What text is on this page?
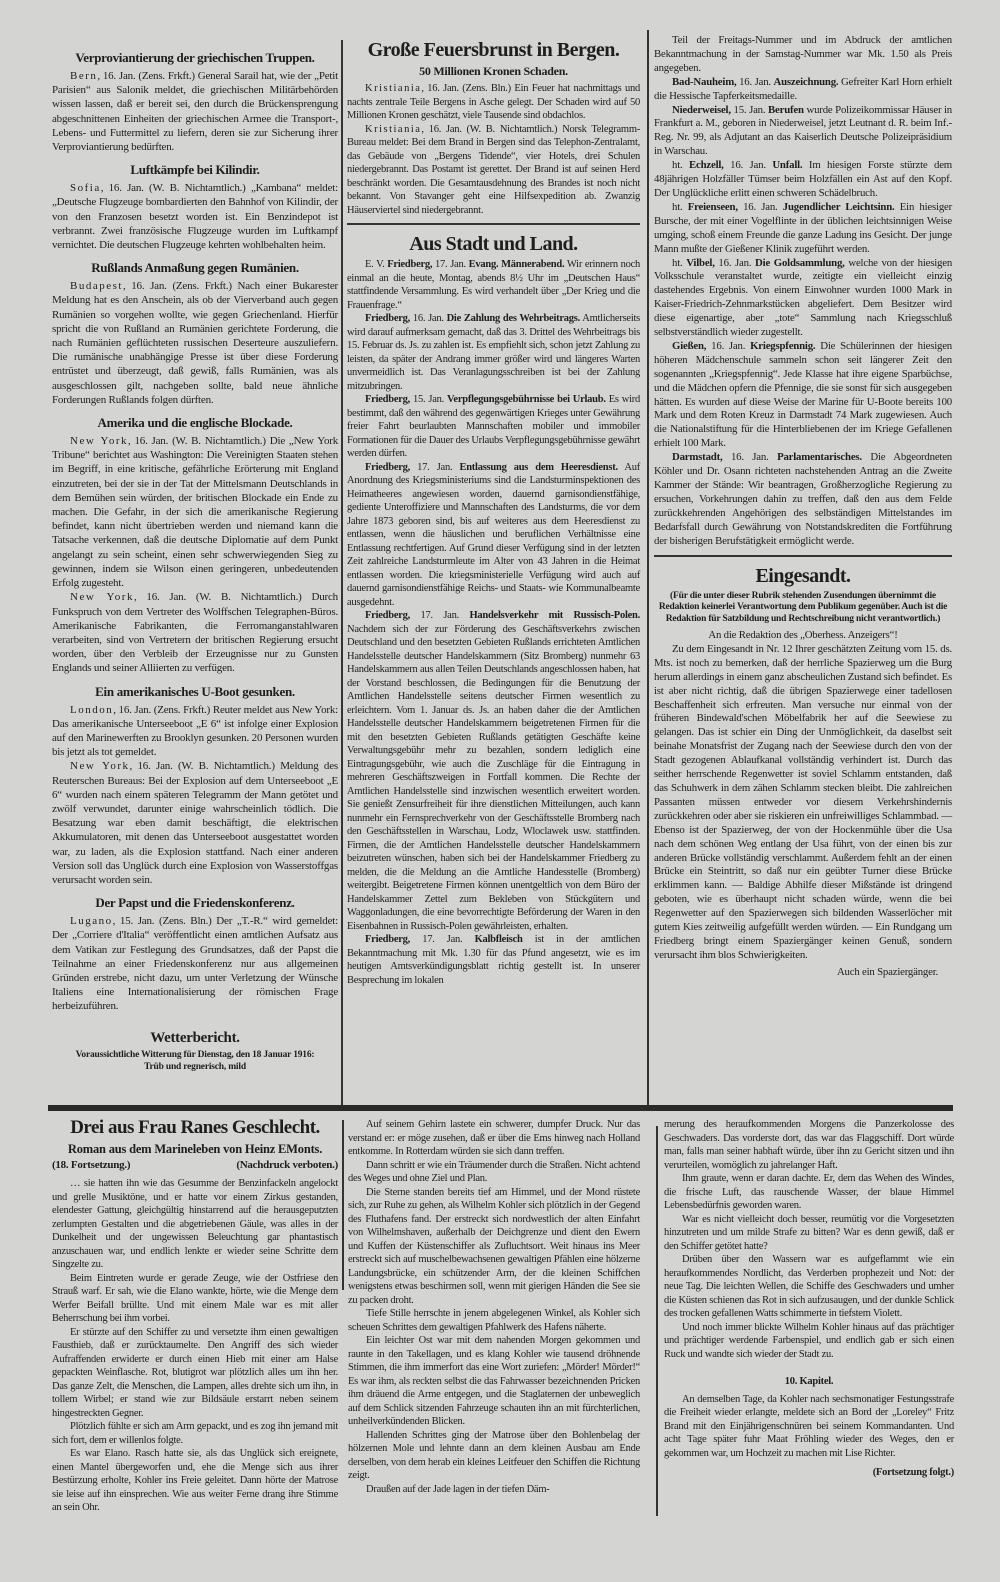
Verproviantierung der griechischen Truppen.

Bern, 16. Jan. (Zens. Frkft.) General Sarail hat, wie der „Petit Parisien“ aus Salonik meldet, die griechischen Militärbehörden wissen lassen, daß er bereit sei, den durch die Brückensprengung abgeschnittenen Einheiten der griechischen Armee die Transport-, Lebens- und Futtermittel zu liefern, deren sie zur Sicherung ihrer Verproviantierung bedürften.

Luftkämpfe bei Kilindir.

Sofia, 16. Jan. (W. B. Nichtamtlich.) „Kambana“ meldet: „Deutsche Flugzeuge bombardierten den Bahnhof von Kilindir, der von den Franzosen besetzt worden ist. Ein Benzindepot ist verbrannt. Zwei französische Flugzeuge wurden im Luftkampf vernichtet. Die deutschen Flugzeuge kehrten wohlbehalten heim.

Rußlands Anmaßung gegen Rumänien.

Budapest, 16. Jan. (Zens. Frkft.) Nach einer Bukarester Meldung hat es den Anschein, als ob der Vierverband auch gegen Rumänien so vorgehen wollte, wie gegen Griechenland. Hierfür spricht die von Rußland an Rumänien gerichtete Forderung, die nach Rumänien geflüchteten russischen Deserteure auszuliefern. Die rumänische unabhängige Presse ist über diese Forderung entrüstet und überzeugt, daß gewiß, falls Rumänien, was als ausgeschlossen gilt, nachgeben sollte, bald neue ähnliche Forderungen Rußlands folgen dürften.

Amerika und die englische Blockade.

New York, 16. Jan. (W. B. Nichtamtlich.) Die „New York Tribune“ berichtet aus Washington: Die Vereinigten Staaten stehen im Begriff, in eine kritische, gefährliche Erörterung mit England einzutreten, bei der sie in der Tat der Mittelsmann Deutschlands in dem Bemühen sein würden, der britischen Blockade ein Ende zu machen. Die Gefahr, in der sich die amerikanische Regierung befindet, kann nicht übertrieben werden und niemand kann die Tatsache verkennen, daß die deutsche Diplomatie auf dem Punkt angelangt zu sein scheint, einen sehr schwerwiegenden Sieg zu gewinnen, indem sie Wilson einen geringeren, unbedeutenden Erfolg zugesteht.

New York, 16. Jan. (W. B. Nichtamtlich.) Durch Funkspruch von dem Vertreter des Wolffschen Telegraphen-Büros. Amerikanische Fabrikanten, die Ferromanganstahlwaren verarbeiten, sind von Vertretern der britischen Regierung ersucht worden, über den Verbleib der Erzeugnisse nur zu Gunsten Englands und seiner Alliierten zu verfügen.

Ein amerikanisches U-Boot gesunken.

London, 16. Jan. (Zens. Frkft.) Reuter meldet aus New York: Das amerikanische Unterseeboot „E 6“ ist infolge einer Explosion auf den Marinewerften zu Brooklyn gesunken. 20 Personen wurden bis jetzt als tot gemeldet.

New York, 16. Jan. (W. B. Nichtamtlich.) Meldung des Reuterschen Bureaus: Bei der Explosion auf dem Unterseeboot „E 6“ wurden nach einem späteren Telegramm der Mann getötet und zwölf verwundet, darunter einige wahrscheinlich tödlich. Die Besatzung war eben damit beschäftigt, die elektrischen Akkumulatoren, mit denen das Unterseeboot ausgestattet worden war, zu laden, als die Explosion stattfand. Nach einer anderen Version soll das Unglück durch eine Explosion von Wasserstoffgas verursacht worden sein.

Der Papst und die Friedenskonferenz.

Lugano, 15. Jan. (Zens. Bln.) Der „T.-R.“ wird gemeldet: Der „Corriere d'Italia“ veröffentlicht einen amtlichen Aufsatz aus dem Vatikan zur Festlegung des Grundsatzes, daß der Papst die Teilnahme an einer Friedenskonferenz nur aus allgemeinen Gründen erstrebe, nicht dazu, um unter Verletzung der Wünsche Italiens eine Internationalisierung der römischen Frage herbeizuführen.

Wetterbericht.
Voraussichtliche Witterung für Dienstag, den 18 Januar 1916:
Trüb und regnerisch, mild
Große Feuersbrunst in Bergen.
50 Millionen Kronen Schaden.

Kristiania, 16. Jan. (Zens. Bln.) Ein Feuer hat nachmittags und nachts zentrale Teile Bergens in Asche gelegt. Der Schaden wird auf 50 Millionen Kronen geschätzt, viele Tausende sind obdachlos.

Kristiania, 16. Jan. (W. B. Nichtamtlich.) Norsk Telegramm-Bureau meldet: Bei dem Brand in Bergen sind das Telephon-Zentralamt, das Gebäude von „Bergens Tidende“, vier Hotels, drei Schulen niedergebrannt. Das Postamt ist gerettet. Der Brand ist auf seinen Herd beschränkt worden. Die Gesamtausdehnung des Brandes ist noch nicht bekannt. Von Stavanger geht eine Hilfsexpedition ab. Zwanzig Häuserviertel sind niedergebrannt.

Aus Stadt und Land.

E. V. Friedberg, 17. Jan. Evang. Männerabend. Wir erinnern noch einmal an die heute, Montag, abends 8½ Uhr im „Deutschen Haus“ stattfindende Versammlung. Es wird verhandelt über „Der Krieg und die Frauenfrage.“

Friedberg, 16. Jan. Die Zahlung des Wehrbeitrags. Amtlicherseits wird darauf aufmerksam gemacht, daß das 3. Drittel des Wehrbeitrags bis 15. Februar ds. Js. zu zahlen ist. Es empfiehlt sich, schon jetzt Zahlung zu leisten, da später der Andrang immer größer wird und längeres Warten unvermeidlich ist. Das Veranlagungsschreiben ist bei der Zahlung mitzubringen.

Friedberg, 15. Jan. Verpflegungsgebührnisse bei Urlaub. Es wird bestimmt, daß den während des gegenwärtigen Krieges unter Gewährung freier Fahrt beurlaubten Mannschaften mobiler und immobiler Formationen für die Dauer des Urlaubs Verpflegungsgebührnisse gewährt werden dürfen.

Friedberg, 17. Jan. Entlassung aus dem Heeresdienst. Auf Anordnung des Kriegsministeriums sind die Landsturminspektionen des Heimatheeres angewiesen worden, dauernd garnisondienstfähige, gediente Unteroffiziere und Mannschaften des Landsturms, die vor dem Jahre 1873 geboren sind, bis auf weiteres aus dem Heeresdienst zu entlassen, wenn die häuslichen und beruflichen Verhältnisse eine Entlassung rechtfertigen. Auf Grund dieser Verfügung sind in der letzten Zeit zahlreiche Landsturmleute im Alter von 43 Jahren in die Heimat entlassen worden. Die kriegsministerielle Verfügung wird auch auf dauernd garnisondienstfähige Reichs- und Staats- wie Kommunalbeamte ausgedehnt.

Friedberg, 17. Jan. Handelsverkehr mit Russisch-Polen. Nachdem sich der zur Förderung des Geschäftsverkehrs zwischen Deutschland und den besetzten Gebieten Rußlands errichteten Amtlichen Handelsstelle deutscher Handelskammern (Sitz Bromberg) nunmehr 63 Handelskammern aus allen Teilen Deutschlands angeschlossen haben, hat der Vorstand beschlossen, die Bedingungen für die Benutzung der Amtlichen Handelsstelle seitens deutscher Firmen wesentlich zu erleichtern. Vom 1. Januar ds. Js. an haben daher die der Amtlichen Handelsstelle deutscher Handelskammern beigetretenen Firmen für die mit den besetzten Gebieten Rußlands getätigten Geschäfte keine Verwaltungsgebühr mehr zu bezahlen, sondern lediglich eine Eintragungsgebühr, wie auch die Zuschläge für die Eintragung in mehreren Geschäftszweigen in Fortfall kommen. Die Rechte der Amtlichen Handelsstelle sind inzwischen wesentlich erweitert worden. Sie genießt Zensurfreiheit für ihre dienstlichen Mitteilungen, auch kann nunmehr ein Fernsprechverkehr von der Geschäftsstelle Bromberg nach den Geschäftsstellen in Warschau, Lodz, Wloclawek usw. stattfinden. Firmen, die der Amtlichen Handelsstelle deutscher Handelskammern beizutreten wünschen, haben sich bei der Handelskammer Friedberg zu melden, die die Meldung an die Amtliche Handesstelle (Bromberg) weitergibt. Beigetretene Firmen können unentgeltlich von dem Büro der Handelskammer Zettel zum Bekleben von Stückgütern und Waggonladungen, die eine bevorrechtigte Beförderung der Waren in den Eisenbahnen in Russisch-Polen gewährleisten, erhalten.

Friedberg, 17. Jan. Kalbfleisch ist in der amtlichen Bekanntmachung mit Mk. 1.30 für das Pfund angesetzt, wie es im heutigen Amtsverkündigungsblatt richtig gestellt ist. In unserer Besprechung im lokalen

Teil der Freitags-Nummer und im Abdruck der amtlichen Bekanntmachung in der Samstag-Nummer war Mk. 1.50 als Preis angegeben.

Bad-Nauheim, 16. Jan. Auszeichnung. Gefreiter Karl Horn erhielt die Hessische Tapferkeitsmedaille.

Niederweisel, 15. Jan. Berufen wurde Polizeikommissar Häuser in Frankfurt a. M., geboren in Niederweisel, jetzt Leutnant d. R. beim Inf.-Reg. Nr. 99, als Adjutant an das Kaiserlich Deutsche Polizeipräsidium in Warschau.

ht. Echzell, 16. Jan. Unfall. Im hiesigen Forste stürzte dem 48jährigen Holzfäller Tümser beim Holzfällen ein Ast auf den Kopf. Der Unglückliche erlitt einen schweren Schädelbruch.

ht. Freienseen, 16. Jan. Jugendlicher Leichtsinn. Ein hiesiger Bursche, der mit einer Vogelflinte in der üblichen leichtsinnigen Weise umging, schoß einem Freunde die ganze Ladung ins Gesicht. Der junge Mann mußte der Gießener Klinik zugeführt werden.

ht. Vilbel, 16. Jan. Die Goldsammlung, welche von der hiesigen Volksschule veranstaltet wurde, zeitigte ein vielleicht einzig dastehendes Ergebnis. Von einem Einwohner wurden 1000 Mark in Kaiser-Friedrich-Zehnmarkstücken abgeliefert. Dem Besitzer wird diese eigenartige, aber „tote“ Sammlung nach Kriegsschluß selbstverständlich wieder zugestellt.

Gießen, 16. Jan. Kriegspfennig. Die Schülerinnen der hiesigen höheren Mädchenschule sammeln schon seit längerer Zeit den sogenannten „Kriegspfennig“. Jede Klasse hat ihre eigene Sparbüchse, und die Mädchen opfern die Pfennige, die sie sonst für sich ausgegeben hätten. Es wurden auf diese Weise der Marine für U-Boote bereits 100 Mark und dem Roten Kreuz in Darmstadt 74 Mark zugewiesen. Auch die Nationalstiftung für die Hinterbliebenen der im Kriege Gefallenen erhielt 100 Mark.

Darmstadt, 16. Jan. Parlamentarisches. Die Abgeordneten Köhler und Dr. Osann richteten nachstehenden Antrag an die Zweite Kammer der Stände: Wir beantragen, Großherzogliche Regierung zu ersuchen, Vorkehrungen dahin zu treffen, daß den aus dem Felde zurückkehrenden Angehörigen des selbständigen Mittelstandes im Bedarfsfall durch Gewährung von Notstandskrediten die Fortführung der bisherigen Berufstätigkeit ermöglicht werde.

Eingesandt.
(Für die unter dieser Rubrik stehenden Zusendungen übernimmt die Redaktion keinerlei Verantwortung dem Publikum gegenüber. Auch ist die Redaktion für Satzbildung und Rechtschreibung nicht verantwortlich.)

An die Redaktion des „Oberhess. Anzeigers“!

Zu dem Eingesandt in Nr. 12 Ihrer geschätzten Zeitung vom 15. ds. Mts. ist noch zu bemerken, daß der herrliche Spazierweg um die Burg herum allerdings in einem ganz abscheulichen Zustand sich befindet. Es ist aber nicht richtig, daß die übrigen Spazierwege einer tadellosen Beschaffenheit sich erfreuten. Man versuche nur einmal von der früheren Bindewald'schen Möbelfabrik her auf die Seewiese zu gelangen. Das ist schier ein Ding der Unmöglichkeit, da daselbst seit beinahe Monatsfrist der Zugang nach der Seewiese durch den von der Stadt gezogenen Ablaufkanal vollständig verhindert ist. Durch das seither herrschende Regenwetter ist soviel Schlamm entstanden, daß das Schuhwerk in dem zähen Schlamm stecken bleibt. Die zahlreichen Passanten müssen entweder vor diesem Verkehrshindernis zurückkehren oder aber sie riskieren ein unfreiwilliges Schlammbad. — Ebenso ist der Spazierweg, der von der Hockenmühle über die Usa nach dem schönen Weg entlang der Usa führt, von der einen bis zur anderen Brücke vollständig verschlammt. Außerdem fehlt an der einen Brücke ein Steintritt, so daß nur ein geübter Turner diese Brücke erklimmen kann. — Baldige Abhilfe dieser Mißstände ist dringend geboten, wie es überhaupt nicht schaden würde, wenn die bei Regenwetter auf den Spazierwegen sich bildenden Wasserlöcher mit gutem Kies zeitweilig aufgefüllt werden würden. — Ein Rundgang um Friedberg bringt einem Spaziergänger keinen Genuß, sondern verursacht ihm blos Schwierigkeiten.

Auch ein Spaziergänger.

Drei aus Frau Ranes Geschlecht.
Roman aus dem Marineleben von Heinz EMonts.
(18. Fortsetzung.)	(Nachdruck verboten.)

… sie hatten ihn wie das Gesumme der Benzinfackeln angelockt und grelle Musiktöne, und er hatte vor einem Zirkus gestanden, elendester Gattung, gleichgültig hinstarrend auf die herausgeputzten zerlumpten Gestalten und die abgetriebenen Gäule, was alles in der Dunkelheit und der ungewissen Beleuchtung gar phantastisch anzuschauen war, und endlich lenkte er wieder seine Schritte dem Singzelte zu.

Beim Eintreten wurde er gerade Zeuge, wie der Ostfriese den Strauß warf. Er sah, wie die Elano wankte, hörte, wie die Menge dem Werfer Beifall brüllte. Und mit einem Male war es mit aller Beherrschung bei ihm vorbei.

Er stürzte auf den Schiffer zu und versetzte ihm einen gewaltigen Fausthieb, daß er zurücktaumelte. Den Angriff des sich wieder Aufraffenden erwiderte er durch einen Hieb mit einer am Halse gepackten Weinflasche. Rot, blutigrot war plötzlich alles um ihn her. Das ganze Zelt, die Menschen, die Lampen, alles drehte sich um ihn, in tollem Wirbel; er stand wie zur Bildsäule erstarrt neben seinem hingestreckten Gegner.

Plötzlich fühlte er sich am Arm gepackt, und es zog ihn jemand mit sich fort, dem er willenlos folgte.

Es war Elano. Rasch hatte sie, als das Unglück sich ereignete, einen Mantel übergeworfen und, ehe die Menge sich aus ihrer Bestürzung erholte, Kohler ins Freie geleitet. Dann hörte der Matrose sie leise auf ihn einsprechen. Wie aus weiter Ferne drang ihre Stimme an sein Ohr.

Auf seinem Gehirn lastete ein schwerer, dumpfer Druck. Nur das verstand er: er möge zusehen, daß er über die Ems hinweg nach Holland entkomme. In Rotterdam würden sie sich dann treffen.

Dann schritt er wie ein Träumender durch die Straßen. Nicht achtend des Weges und ohne Ziel und Plan.

Die Sterne standen bereits tief am Himmel, und der Mond rüstete sich, zur Ruhe zu gehen, als Wilhelm Kohler sich plötzlich in der Gegend des Fluthafens fand. Der erstreckt sich nordwestlich der alten Einfahrt von Wilhelmshaven, außerhalb der Deichgrenze und dient den Ewern und Kuffen der Küstenschiffer als Zufluchtsort. Weit hinaus ins Meer erstreckt sich auf muschelbewachsenen gewaltigen Pfählen eine hölzerne Landungsbrücke, ein schützender Arm, der die kleinen Schiffchen wenigstens etwas beschirmen soll, wenn mit gierigen Händen die See sie zu packen droht.

Tiefe Stille herrschte in jenem abgelegenen Winkel, als Kohler sich scheuen Schrittes dem gewaltigen Pfahlwerk des Hafens näherte.

Ein leichter Ost war mit dem nahenden Morgen gekommen und raunte in den Takellagen, und es klang Kohler wie tausend dröhnende Stimmen, die ihm immerfort das eine Wort zuriefen: „Mörder! Mörder!“ Es war ihm, als reckten selbst die das Fahrwasser bezeichnenden Pricken ihm dräuend die Arme entgegen, und die Staglaternen der unbeweglich auf dem Schlick sitzenden Fahrzeuge schauten ihn an mit fürchterlichen, unheilverkündenden Blicken.

Hallenden Schrittes ging der Matrose über den Bohlenbelag der hölzernen Mole und lehnte dann an dem kleinen Ausbau am Ende derselben, von dem herab ein kleines Leitfeuer den Schiffen die Richtung zeigt.

Draußen auf der Jade lagen in der tiefen Däm-

merung des heraufkommenden Morgens die Panzerkolosse des Geschwaders. Das vorderste dort, das war das Flaggschiff. Dort würde man, falls man seiner habhaft würde, über ihn zu Gericht sitzen und ihn verurteilen, womöglich zu jahrelanger Haft.

Ihm graute, wenn er daran dachte. Er, dem das Wehen des Windes, die frische Luft, das rauschende Wasser, der blaue Himmel Lebensbedürfnis geworden waren.

War es nicht vielleicht doch besser, reumütig vor die Vorgesetzten hinzutreten und um milde Strafe zu bitten? War es denn gewiß, daß er den Schiffer getötet hatte?

Drüben über den Wassern war es aufgeflammt wie ein heraufkommendes Nordlicht, das Verderben prophezeit und Not: der neue Tag. Die leichten Wellen, die Schiffe des Geschwaders und umher die Küsten schienen das Rot in sich aufzusaugen, und der dunkle Schlick des trocken gefallenen Watts schimmerte in tiefstem Violett.

Und noch immer blickte Wilhelm Kohler hinaus auf das prächtiger und prächtiger werdende Farbenspiel, und endlich gab er sich einen Ruck und wandte sich wieder der Stadt zu.

10. Kapitel.

An demselben Tage, da Kohler nach sechsmonatiger Festungsstrafe die Freiheit wieder erlangte, meldete sich an Bord der „Loreley“ Fritz Brand mit den Einjährigenschnüren bei seinem Kommandanten. Und acht Tage später fuhr Maat Fröhling wieder des Weges, den er gekommen war, um Hochzeit zu machen mit Lise Richter.

(Fortsetzung folgt.)
